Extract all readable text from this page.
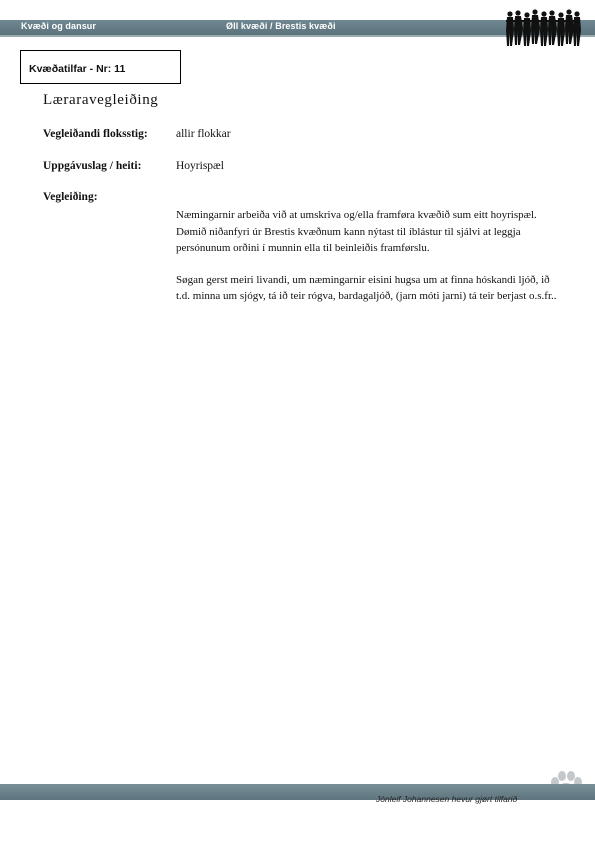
Kvæði og dansur	Øll kvæði / Brestis kvæði
Kvæðatilfar - Nr: 11
Læraravegleiðing
Vegleiðandi floksstig: allir flokkar
Uppgávuslag / heiti:	Hoyrispæl
Vegleiðing:

Næmingarnir arbeiða við at umskriva og/ella framføra kvæðið sum eitt hoyrispæl. Dømið niðanfyri úr Brestis kvæðnum kann nýtast til íblástur til sjálvi at leggja persónunum orðini í munnin ella til beinleiðis framførslu.

Søgan gerst meiri livandi, um næmingarnir eisini hugsa um at finna hóskandi ljóð, ið t.d. minna um sjógv, tá ið teir rógva, bardagaljóð, (jarn móti jarni) tá teir berjast o.s.fr..

Jónleif Johannesen hevur gjørt tilfarið
